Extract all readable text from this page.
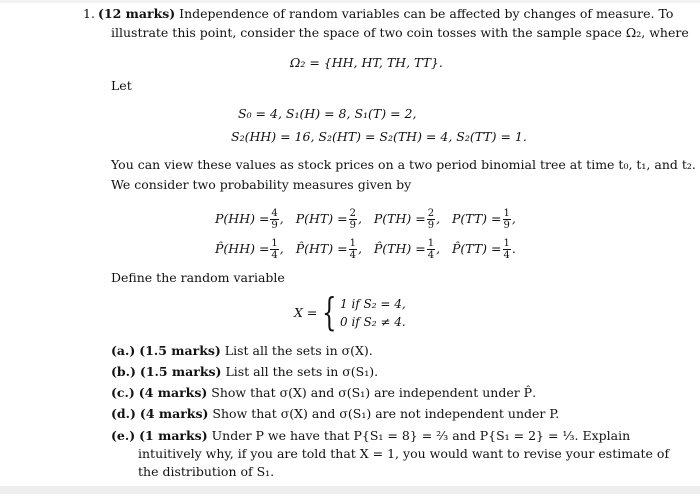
1. (12 marks) Independence of random variables can be affected by changes of measure. To
illustrate this point, consider the space of two coin tosses with the sample space Ω₂, where
Ω₂ = {HH, HT, TH, TT}.
Let
S₀ = 4, S₁(H) = 8, S₁(T) = 2,
S₂(HH) = 16, S₂(HT) = S₂(TH) = 4, S₂(TT) = 1.
You can view these values as stock prices on a two period binomial tree at time t₀, t₁, and t₂.
We consider two probability measures given by
$P(HH) = \frac{4}{9}$ , $P(HT) = \frac{2}{9}$ , $P(TH) = \frac{2}{9}$ , $P(TT) = \frac{1}{9}$ ,
P̂(HH) = $\frac{1}{4}$ , P̂(HT) = $\frac{1}{4}$ , P̂(TH) = $\frac{1}{4}$ , P̂(TT) = $\frac{1}{4}$ .
Define the random variable
X = { 1 if S₂ = 4,
0 if S₂ ≠ 4.
(a.) (1.5 marks) List all the sets in σ(X).
(b.) (1.5 marks) List all the sets in σ(S₁).
(c.) (4 marks) Show that σ(X) and σ(S₁) are independent under P̂.
(d.) (4 marks) Show that σ(X) and σ(S₁) are not independent under P.
(e.) (1 marks) Under P we have that P{S₁ = 8} = ⅔ and P{S₁ = 2} = ⅓. Explain
intuitively why, if you are told that X = 1, you would want to revise your estimate of
the distribution of S₁.
